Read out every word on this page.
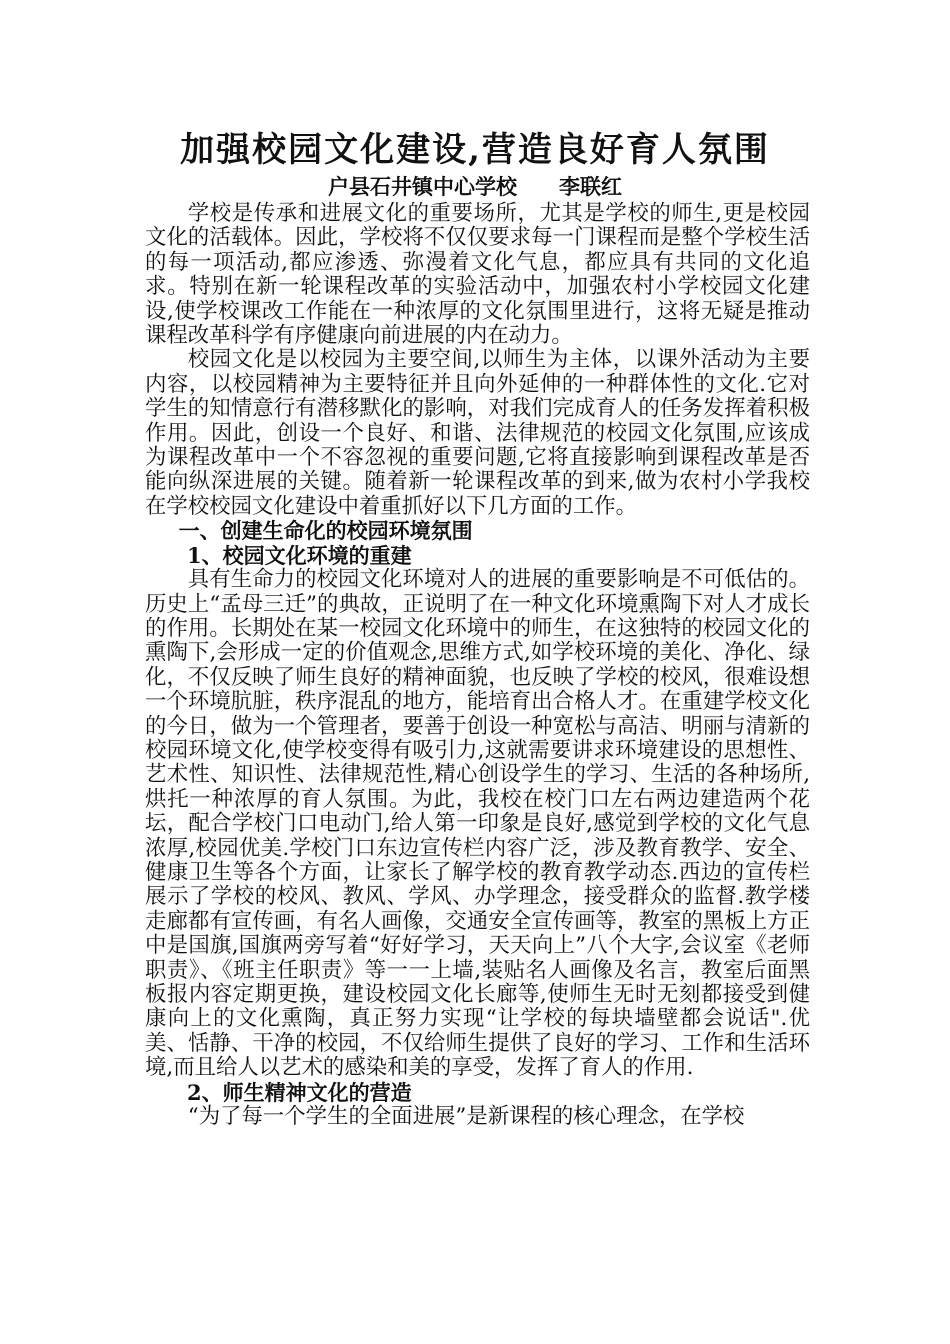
加强校园文化建设,营造良好育人氛围
户县石井镇中心学校　　李联红

学校是传承和进展文化的重要场所，尤其是学校的师生,更是校园文化的活载体。因此，学校将不仅仅要求每一门课程而是整个学校生活的每一项活动,都应渗透、弥漫着文化气息，都应具有共同的文化追求。特别在新一轮课程改革的实验活动中，加强农村小学校园文化建设,使学校课改工作能在一种浓厚的文化氛围里进行，这将无疑是推动课程改革科学有序健康向前进展的内在动力。

校园文化是以校园为主要空间,以师生为主体，以课外活动为主要内容，以校园精神为主要特征并且向外延伸的一种群体性的文化.它对学生的知情意行有潜移默化的影响，对我们完成育人的任务发挥着积极作用。因此，创设一个良好、和谐、法律规范的校园文化氛围,应该成为课程改革中一个不容忽视的重要问题,它将直接影响到课程改革是否能向纵深进展的关键。随着新一轮课程改革的到来,做为农村小学我校在学校校园文化建设中着重抓好以下几方面的工作。

一、创建生命化的校园环境氛围
1、校园文化环境的重建

具有生命力的校园文化环境对人的进展的重要影响是不可低估的。历史上“孟母三迁”的典故，正说明了在一种文化环境熏陶下对人才成长的作用。长期处在某一校园文化环境中的师生，在这独特的校园文化的熏陶下,会形成一定的价值观念,思维方式,如学校环境的美化、净化、绿化，不仅反映了师生良好的精神面貌，也反映了学校的校风，很难设想一个环境肮脏，秩序混乱的地方，能培育出合格人才。在重建学校文化的今日，做为一个管理者，要善于创设一种宽松与高洁、明丽与清新的校园环境文化,使学校变得有吸引力,这就需要讲求环境建设的思想性、艺术性、知识性、法律规范性,精心创设学生的学习、生活的各种场所,烘托一种浓厚的育人氛围。为此，我校在校门口左右两边建造两个花坛，配合学校门口电动门,给人第一印象是良好,感觉到学校的文化气息浓厚,校园优美.学校门口东边宣传栏内容广泛，涉及教育教学、安全、健康卫生等各个方面，让家长了解学校的教育教学动态.西边的宣传栏展示了学校的校风、教风、学风、办学理念，接受群众的监督.教学楼走廊都有宣传画，有名人画像，交通安全宣传画等，教室的黑板上方正中是国旗,国旗两旁写着“好好学习，天天向上”八个大字,会议室《老师职责》、《班主任职责》等一一上墙,装贴名人画像及名言，教室后面黑板报内容定期更换，建设校园文化长廊等,使师生无时无刻都接受到健康向上的文化熏陶，真正努力实现“让学校的每块墙壁都会说话".优美、恬静、干净的校园，不仅给师生提供了良好的学习、工作和生活环境,而且给人以艺术的感染和美的享受，发挥了育人的作用.

2、师生精神文化的营造

“为了每一个学生的全面进展”是新课程的核心理念，在学校
